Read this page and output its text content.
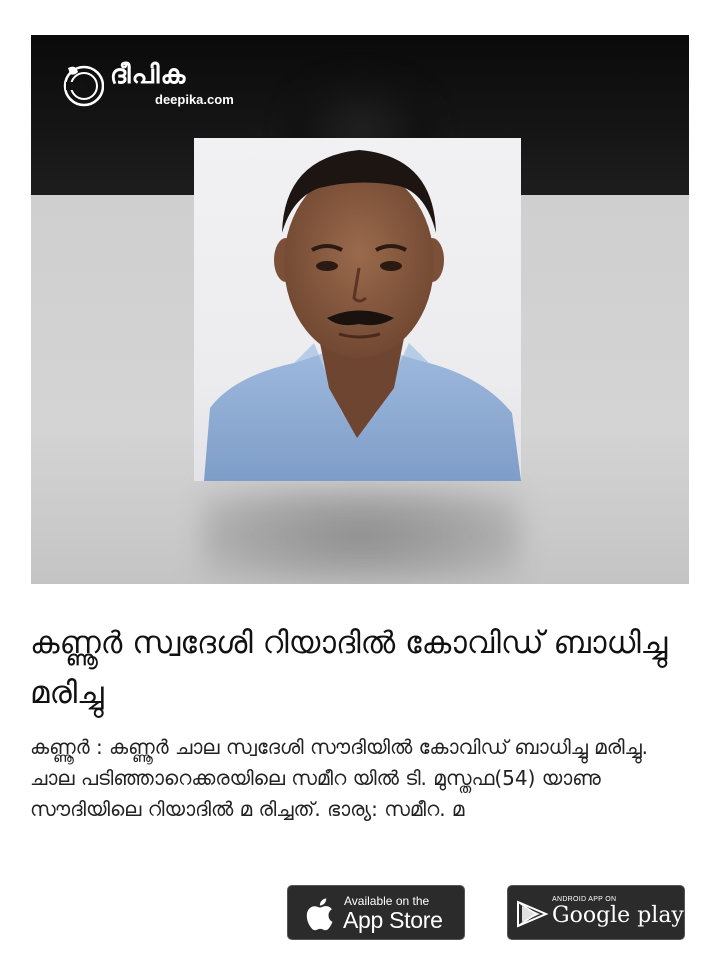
ദീപിക
deepika.com
കണ്ണൂർ സ്വദേശി റിയാദിൽ കോവിഡ് ബാധിച്ചു മരിച്ചു

കണ്ണൂർ : കണ്ണൂർ ചാല സ്വദേശി സൗദിയിൽ കോവിഡ് ബാധിച്ചു മരിച്ചു. ചാല പടിഞ്ഞാറെക്കരയിലെ സമീറ യിൽ ടി. മുസ്തഫ(54) യാണു സൗദിയിലെ റിയാദിൽ മ രിച്ചത്. ഭാര്യ: സമീറ. മ

Available on the
App Store
ANDROID APP ON
Google play
